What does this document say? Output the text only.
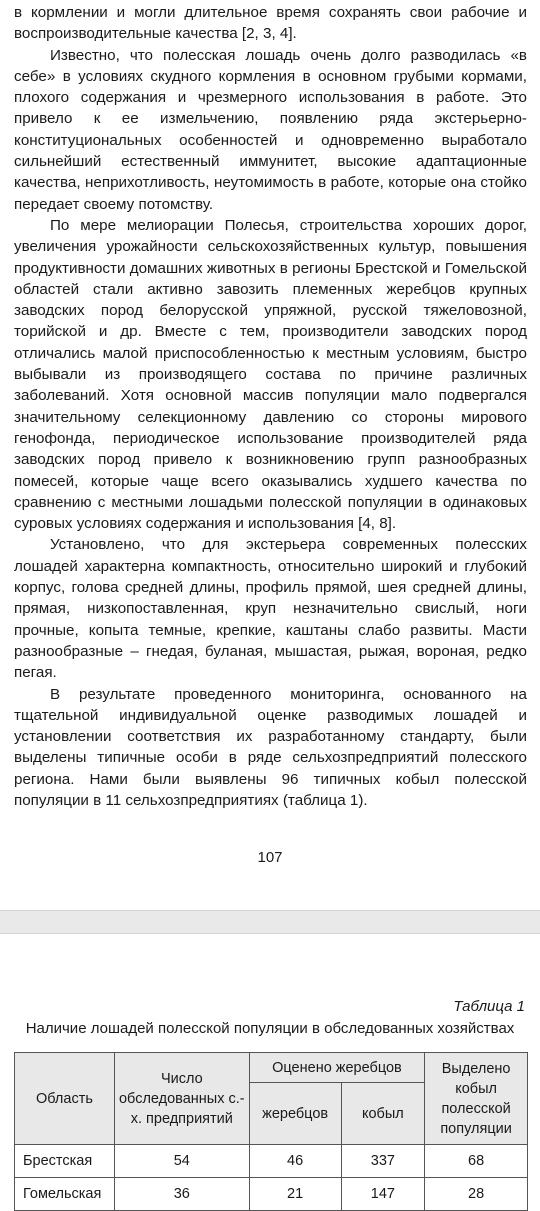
в кормлении и могли длительное время сохранять свои рабочие и воспроизводительные качества [2, 3, 4].

Известно, что полесская лошадь очень долго разводилась «в себе» в условиях скудного кормления в основном грубыми кормами, плохого содержания и чрезмерного использования в работе. Это привело к ее измельчению, появлению ряда экстерьерно-конституциональных особенностей и одновременно выработало сильнейший естественный иммунитет, высокие адаптационные качества, неприхотливость, неутомимость в работе, которые она стойко передает своему потомству.

По мере мелиорации Полесья, строительства хороших дорог, увеличения урожайности сельскохозяйственных культур, повышения продуктивности домашних животных в регионы Брестской и Гомельской областей стали активно завозить племенных жеребцов крупных заводских пород белорусской упряжной, русской тяжеловозной, торийской и др. Вместе с тем, производители заводских пород отличались малой приспособленностью к местным условиям, быстро выбывали из производящего состава по причине различных заболеваний. Хотя основной массив популяции мало подвергался значительному селекционному давлению со стороны мирового генофонда, периодическое использование производителей ряда заводских пород привело к возникновению групп разнообразных помесей, которые чаще всего оказывались худшего качества по сравнению с местными лошадьми полесской популяции в одинаковых суровых условиях содержания и использования [4, 8].

Установлено, что для экстерьера современных полесских лошадей характерна компактность, относительно широкий и глубокий корпус, голова средней длины, профиль прямой, шея средней длины, прямая, низкопоставленная, круп незначительно свислый, ноги прочные, копыта темные, крепкие, каштаны слабо развиты. Масти разнообразные – гнедая, буланая, мышастая, рыжая, вороная, редко пегая.

В результате проведенного мониторинга, основанного на тщательной индивидуальной оценке разводимых лошадей и установлении соответствия их разработанному стандарту, были выделены типичные особи в ряде сельхозпредприятий полесского региона. Нами были выявлены 96 типичных кобыл полесской популяции в 11 сельхозпредприятиях (таблица 1).

107
Таблица 1
Наличие лошадей полесской популяции в обследованных хозяйствах
Область	Число обследованных с.-х. предприятий	Оценено жеребцов		Выделено кобыл полесской популяции
		жеребцов	кобыл	
Брестская	54	46	337	68
Гомельская	36	21	147	28
